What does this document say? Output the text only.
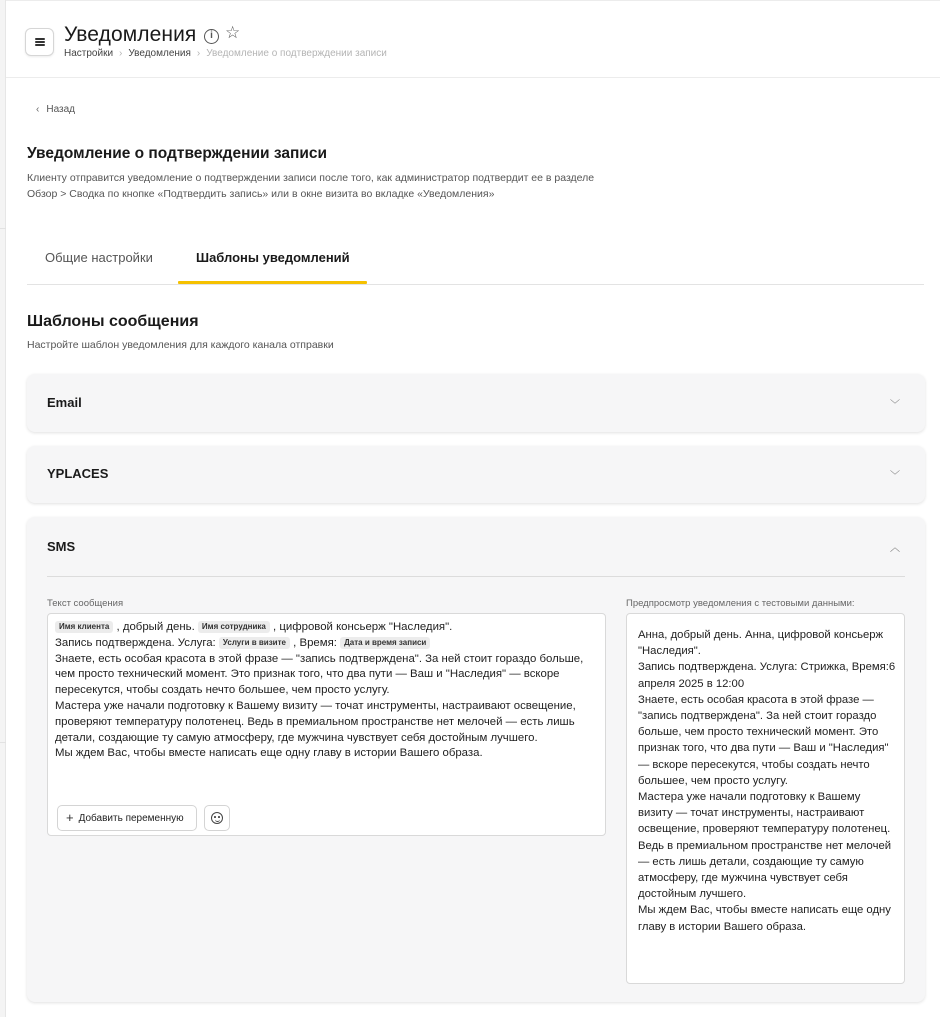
Уведомления	i ☆
Настройки › Уведомления › Уведомление о подтверждении записи
‹ Назад
Уведомление о подтверждении записи
Клиенту отправится уведомление о подтверждении записи после того, как администратор подтвердит ее в разделе Обзор > Сводка по кнопке «Подтвердить запись» или в окне визита во вкладке «Уведомления»
Общие настройки	Шаблоны уведомлений
Шаблоны сообщения
Настройте шаблон уведомления для каждого канала отправки
Email	﹀
YPLACES	﹀
SMS	︿
Текст сообщения	Предпросмотр уведомления с тестовыми данными:
Имя клиента , добрый день. Имя сотрудника , цифровой консьерж "Наследия".
Запись подтверждена. Услуга: Услуги в визите , Время: Дата и время записи
Знаете, есть особая красота в этой фразе — "запись подтверждена". За ней стоит гораздо больше, чем просто технический момент. Это признак того, что два пути — Ваш и "Наследия" — вскоре пересекутся, чтобы создать нечто большее, чем просто услугу.
Мастера уже начали подготовку к Вашему визиту — точат инструменты, настраивают освещение, проверяют температуру полотенец. Ведь в премиальном пространстве нет мелочей — есть лишь детали, создающие ту самую атмосферу, где мужчина чувствует себя достойным лучшего.
Мы ждем Вас, чтобы вместе написать еще одну главу в истории Вашего образа.
+ Добавить переменную
Анна, добрый день. Анна, цифровой консьерж "Наследия".
Запись подтверждена. Услуга: Стрижка, Время:6 апреля 2025 в 12:00
Знаете, есть особая красота в этой фразе — "запись подтверждена". За ней стоит гораздо больше, чем просто технический момент. Это признак того, что два пути — Ваш и "Наследия" — вскоре пересекутся, чтобы создать нечто большее, чем просто услугу.
Мастера уже начали подготовку к Вашему визиту — точат инструменты, настраивают освещение, проверяют температуру полотенец. Ведь в премиальном пространстве нет мелочей — есть лишь детали, создающие ту самую атмосферу, где мужчина чувствует себя достойным лучшего.
Мы ждем Вас, чтобы вместе написать еще одну главу в истории Вашего образа.
